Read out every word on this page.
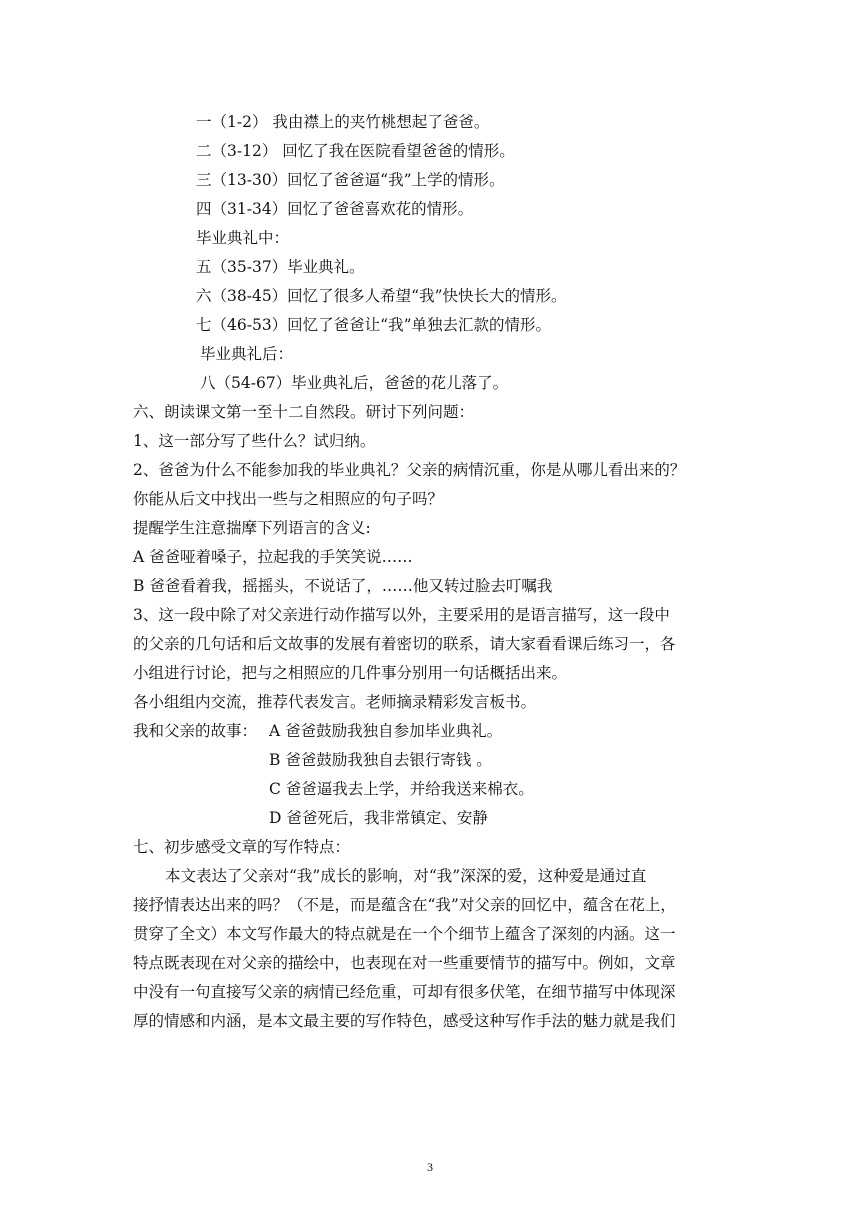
一（1-2） 我由襟上的夹竹桃想起了爸爸。
二（3-12） 回忆了我在医院看望爸爸的情形。
三（13-30）回忆了爸爸逼“我”上学的情形。
四（31-34）回忆了爸爸喜欢花的情形。
毕业典礼中：
五（35-37）毕业典礼。
六（38-45）回忆了很多人希望“我”快快长大的情形。
七（46-53）回忆了爸爸让“我”单独去汇款的情形。
毕业典礼后：
八（54-67）毕业典礼后，爸爸的花儿落了。
六、朗读课文第一至十二自然段。研讨下列问题：
1、这一部分写了些什么？试归纳。
2、爸爸为什么不能参加我的毕业典礼？父亲的病情沉重，你是从哪儿看出来的？
你能从后文中找出一些与之相照应的句子吗？
提醒学生注意揣摩下列语言的含义:
A 爸爸哑着嗓子，拉起我的手笑笑说……
B 爸爸看着我，摇摇头，不说话了，……他又转过脸去叮嘱我
3、这一段中除了对父亲进行动作描写以外，主要采用的是语言描写，这一段中
的父亲的几句话和后文故事的发展有着密切的联系，请大家看看课后练习一，各
小组进行讨论，把与之相照应的几件事分别用一句话概括出来。
各小组组内交流，推荐代表发言。老师摘录精彩发言板书。
我和父亲的故事： A 爸爸鼓励我独自参加毕业典礼。
B 爸爸鼓励我独自去银行寄钱 。
C 爸爸逼我去上学，并给我送来棉衣。
D 爸爸死后，我非常镇定、安静
七、初步感受文章的写作特点：
本文表达了父亲对“我”成长的影响，对“我”深深的爱，这种爱是通过直
接抒情表达出来的吗？（不是，而是蕴含在“我”对父亲的回忆中，蕴含在花上，
贯穿了全文）本文写作最大的特点就是在一个个细节上蕴含了深刻的内涵。这一
特点既表现在对父亲的描绘中，也表现在对一些重要情节的描写中。例如，文章
中没有一句直接写父亲的病情已经危重，可却有很多伏笔，在细节描写中体现深
厚的情感和内涵，是本文最主要的写作特色，感受这种写作手法的魅力就是我们
3
